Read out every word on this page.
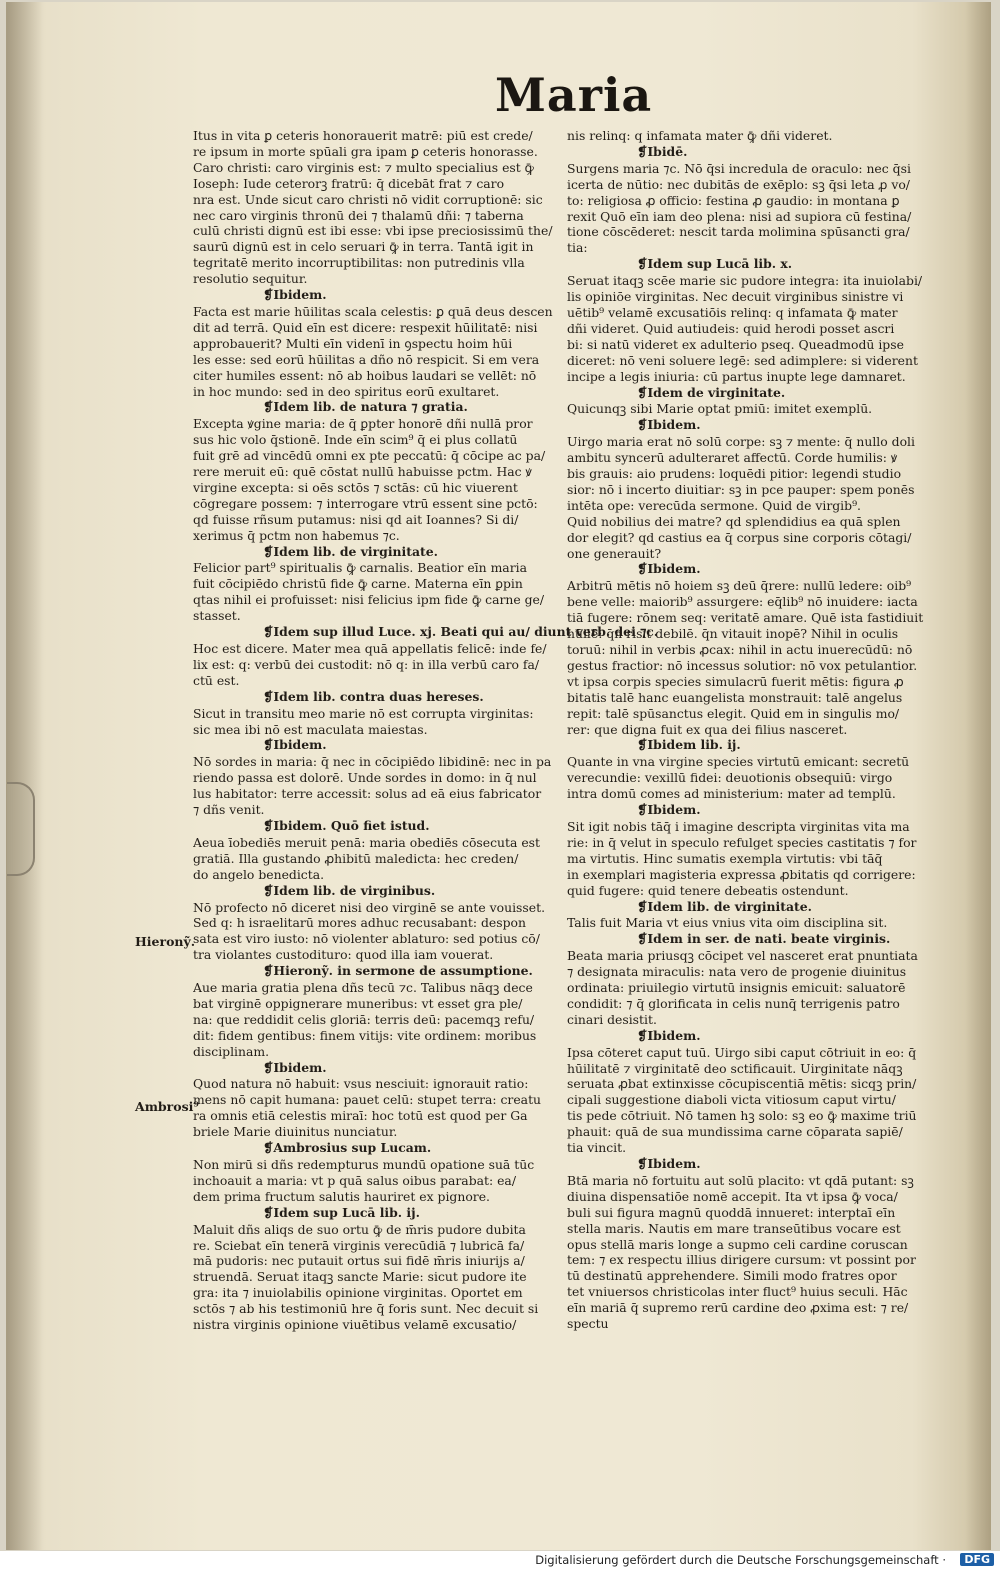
Maria
Hieronỹ.
Ambrosi⁹
Itus in vita ꝑ ceteris honorauerit matrē: piū est crede/
re ipsum in morte spūali gra ipam ꝑ ceteris honorasse.
Caro christi: caro virginis est: ⁊ multo specialius est ꝙ̄
Ioseph: Iude ceterorꝫ fratrū: q̄ dicebāt frat ⁊ caro
nra est. Unde sicut caro christi nō vidit corruptionē: sic
nec caro virginis thronū dei ⁊ thalamū dñi: ⁊ taberna
culū christi dignū est ibi esse: vbi ipse preciosissimū the/
saurū dignū est in celo seruari ꝙ̄ in terra. Tantā igit in
tegritatē merito incorruptibilitas: non putredinis vlla
resolutio sequitur.
❡Ibidem.
Facta est marie hūilitas scala celestis: ꝑ quā deus descen
dit ad terrā. Quid eīn est dicere: respexit hūilitatē: nisi
approbauerit? Multi eīn videnī in ꝯspectu hoim hūi
les esse: sed eorū hūilitas a dño nō respicit. Si em vera
citer humiles essent: nō ab hoibus laudari se vellēt: nō
in hoc mundo: sed in deo spiritus eorū exultaret.
❡Idem lib. de natura ⁊ gratia.
Excepta ꝟgine maria: de q̄ ꝑpter honorē dñi nullā pror
sus hic volo q̄stionē. Inde eīn scim⁹ q̄ ei plus collatū
fuit grē ad vincēdū omni ex pte peccatū: q̄ cōcipe ac pa/
rere meruit eū: quē cōstat nullū habuisse pctm. Hac ꝟ
virgine excepta: si oēs sctōs ⁊ sctās: cū hic viuerent
cōgregare possem: ⁊ interrogare vtrū essent sine pctō:
qd fuisse rñsum putamus: nisi qd ait Ioannes? Si di/
xerimus q̄ pctm non habemus ⁊c.
❡Idem lib. de virginitate.
Felicior part⁹ spiritualis ꝙ̄ carnalis. Beatior eīn maria
fuit cōcipiēdo christū fide ꝙ̄ carne. Materna eīn ꝑpin
qtas nihil ei profuisset: nisi felicius ipm fide ꝙ̄ carne ge/
stasset.
❡Idem sup illud Luce. xj. Beati qui au/ diunt verb. dei ⁊c.
Hoc est dicere. Mater mea quā appellatis felicē: inde fe/
lix est: q: verbū dei custodit: nō q: in illa verbū caro fa/
ctū est.
❡Idem lib. contra duas hereses.
Sicut in transitu meo marie nō est corrupta virginitas:
sic mea ibi nō est maculata maiestas.
❡Ibidem.
Nō sordes in maria: q̄ nec in cōcipiēdo libidinē: nec in pa
riendo passa est dolorē. Unde sordes in domo: in q̄ nul
lus habitator: terre accessit: solus ad eā eius fabricator
⁊ dñs venit.
❡Ibidem. Quō fiet istud.
Aeua īobediēs meruit penā: maria obediēs cōsecuta est
gratiā. Illa gustando ꝓhibitū maledicta: hec creden/
do angelo benedicta.
❡Idem lib. de virginibus.
Nō profecto nō diceret nisi deo virginē se ante vouisset.
Sed q: h israelitarū mores adhuc recusabant: despon
sata est viro iusto: nō violenter ablaturo: sed potius cō/
tra violantes custodituro: quod illa iam vouerat.
❡Hieronỹ. in sermone de assumptione.
Aue maria gratia plena dñs tecū ⁊c. Talibus nāqꝫ dece
bat virginē oppignerare muneribus: vt esset gra ple/
na: que reddidit celis gloriā: terris deū: pacemqꝫ refu/
dit: fidem gentibus: finem vitijs: vite ordinem: moribus
disciplinam.
❡Ibidem.
Quod natura nō habuit: vsus nesciuit: ignorauit ratio:
mens nō capit humana: pauet celū: stupet terra: creatu
ra omnis etiā celestis miraī: hoc totū est quod per Ga
briele Marie diuinitus nunciatur.
❡Ambrosius sup Lucam.
Non mirū si dñs redempturus mundū opatione suā tūc
inchoauit a maria: vt p quā salus oibus parabat: ea/
dem prima fructum salutis hauriret ex pignore.
❡Idem sup Lucā lib. ij.
Maluit dñs aliqs de suo ortu ꝙ̄ de m̄ris pudore dubita
re. Sciebat eīn tenerā virginis verecūdiā ⁊ lubricā fa/
mā pudoris: nec putauit ortus sui fidē m̄ris iniurijs a/
struendā. Seruat itaqꝫ sancte Marie: sicut pudore ite
gra: ita ⁊ inuiolabilis opinione virginitas. Oportet em
sctōs ⁊ ab his testimoniū hre q̄ foris sunt. Nec decuit si
nistra virginis opinione viuētibus velamē excusatio/
nis relinq: q infamata mater ꝙ̄ dñi videret.
❡Ibidē.
Surgens maria ⁊c. Nō q̄si incredula de oraculo: nec q̄si
icerta de nūtio: nec dubitās de exēplo: sꝫ q̄si leta ꝓ vo/
to: religiosa ꝓ officio: festina ꝓ gaudio: in montana ꝑ
rexit Quō eīn iam deo plena: nisi ad supiora cū festina/
tione cōscēderet: nescit tarda molimina spūsancti gra/
tia:
❡Idem sup Lucā lib. x.
Seruat itaqꝫ scēe marie sic pudore integra: ita inuiolabi/
lis opiniōe virginitas. Nec decuit virginibus sinistre vi
uētib⁹ velamē excusatiōis relinq: q infamata ꝙ̄ mater
dñi videret. Quid autiudeis: quid herodi posset ascri
bi: si natū videret ex adulterio pseq. Queadmodū ipse
diceret: nō veni soluere legē: sed adimplere: si viderent
incipe a legis iniuria: cū partus inupte lege damnaret.
❡Idem de virginitate.
Quicunqꝫ sibi Marie optat pmiū: imitet exemplū.
❡Ibidem.
Uirgo maria erat nō solū corpe: sꝫ ⁊ mente: q̄ nullo doli
ambitu syncerū adulteraret affectū. Corde humilis: ꝟ
bis grauis: aio prudens: loquēdi pitior: legendi studio
sior: nō i incerto diuitiar: sꝫ in pce pauper: spem ponēs
intēta ope: verecūda sermone. Quid de virgib⁹.
Quid nobilius dei matre? qd splendidius ea quā splen
dor elegit? qd castius ea q̄ corpus sine corporis cōtagi/
one generauit?
❡Ibidem.
Arbitrū mētis nō hoiem sꝫ deū q̄rere: nullū ledere: oib⁹
bene velle: maiorib⁹ assurgere: eq̄lib⁹ nō inuidere: iacta
tiā fugere: rōnem seq: veritatē amare. Quē ista fastidiuit
hūilē: q̄n risit debilē. q̄n vitauit inopē? Nihil in oculis
toruū: nihil in verbis ꝓcax: nihil in actu inuerecūdū: nō
gestus fractior: nō incessus solutior: nō vox petulantior.
vt ipsa corpis species simulacrū fuerit mētis: figura ꝓ
bitatis talē hanc euangelista monstrauit: talē angelus
repit: talē spūsanctus elegit. Quid em in singulis mo/
rer: que digna fuit ex qua dei filius nasceret.
❡Ibidem lib. ij.
Quante in vna virgine species virtutū emicant: secretū
verecundie: vexillū fidei: deuotionis obsequiū: virgo
intra domū comes ad ministerium: mater ad templū.
❡Ibidem.
Sit igit nobis tāq̄ i imagine descripta virginitas vita ma
rie: in q̄ velut in speculo refulget species castitatis ⁊ for
ma virtutis. Hinc sumatis exempla virtutis: vbi tāq̄
in exemplari magisteria expressa ꝓbitatis qd corrigere:
quid fugere: quid tenere debeatis ostendunt.
❡Idem lib. de virginitate.
Talis fuit Maria vt eius vnius vita oim disciplina sit.
❡Idem in ser. de nati. beate virginis.
Beata maria priusqꝫ cōcipet vel nasceret erat pnuntiata
⁊ designata miraculis: nata vero de progenie diuinitus
ordinata: priuilegio virtutū insignis emicuit: saluatorē
condidit: ⁊ q̄ glorificata in celis nunq̄ terrigenis patro
cinari desistit.
❡Ibidem.
Ipsa cōteret caput tuū. Uirgo sibi caput cōtriuit in eo: q̄
hūilitatē ⁊ virginitatē deo sctificauit. Uirginitate nāqꝫ
seruata ꝓbat extinxisse cōcupiscentiā mētis: sicqꝫ prin/
cipali suggestione diaboli victa vitiosum caput virtu/
tis pede cōtriuit. Nō tamen hꝫ solo: sꝫ eo ꝙ̄ maxime triū
phauit: quā de sua mundissima carne cōparata sapiē/
tia vincit.
❡Ibidem.
Btā maria nō fortuitu aut solū placito: vt qdā putant: sꝫ
diuina dispensatiōe nomē accepit. Ita vt ipsa ꝙ̄ voca/
buli sui figura magnū quoddā innueret: interptaī eīn
stella maris. Nautis em mare transeūtibus vocare est
opus stellā maris longe a supmo celi cardine coruscan
tem: ⁊ ex respectu illius dirigere cursum: vt possint por
tū destinatū apprehendere. Simili modo fratres opor
tet vniuersos christicolas inter fluct⁹ huius seculi. Hāc
eīn mariā q̄ supremo rerū cardine deo ꝓxima est: ⁊ re/
spectu
Digitalisierung gefördert durch die Deutsche Forschungsgemeinschaft ·	DFG
